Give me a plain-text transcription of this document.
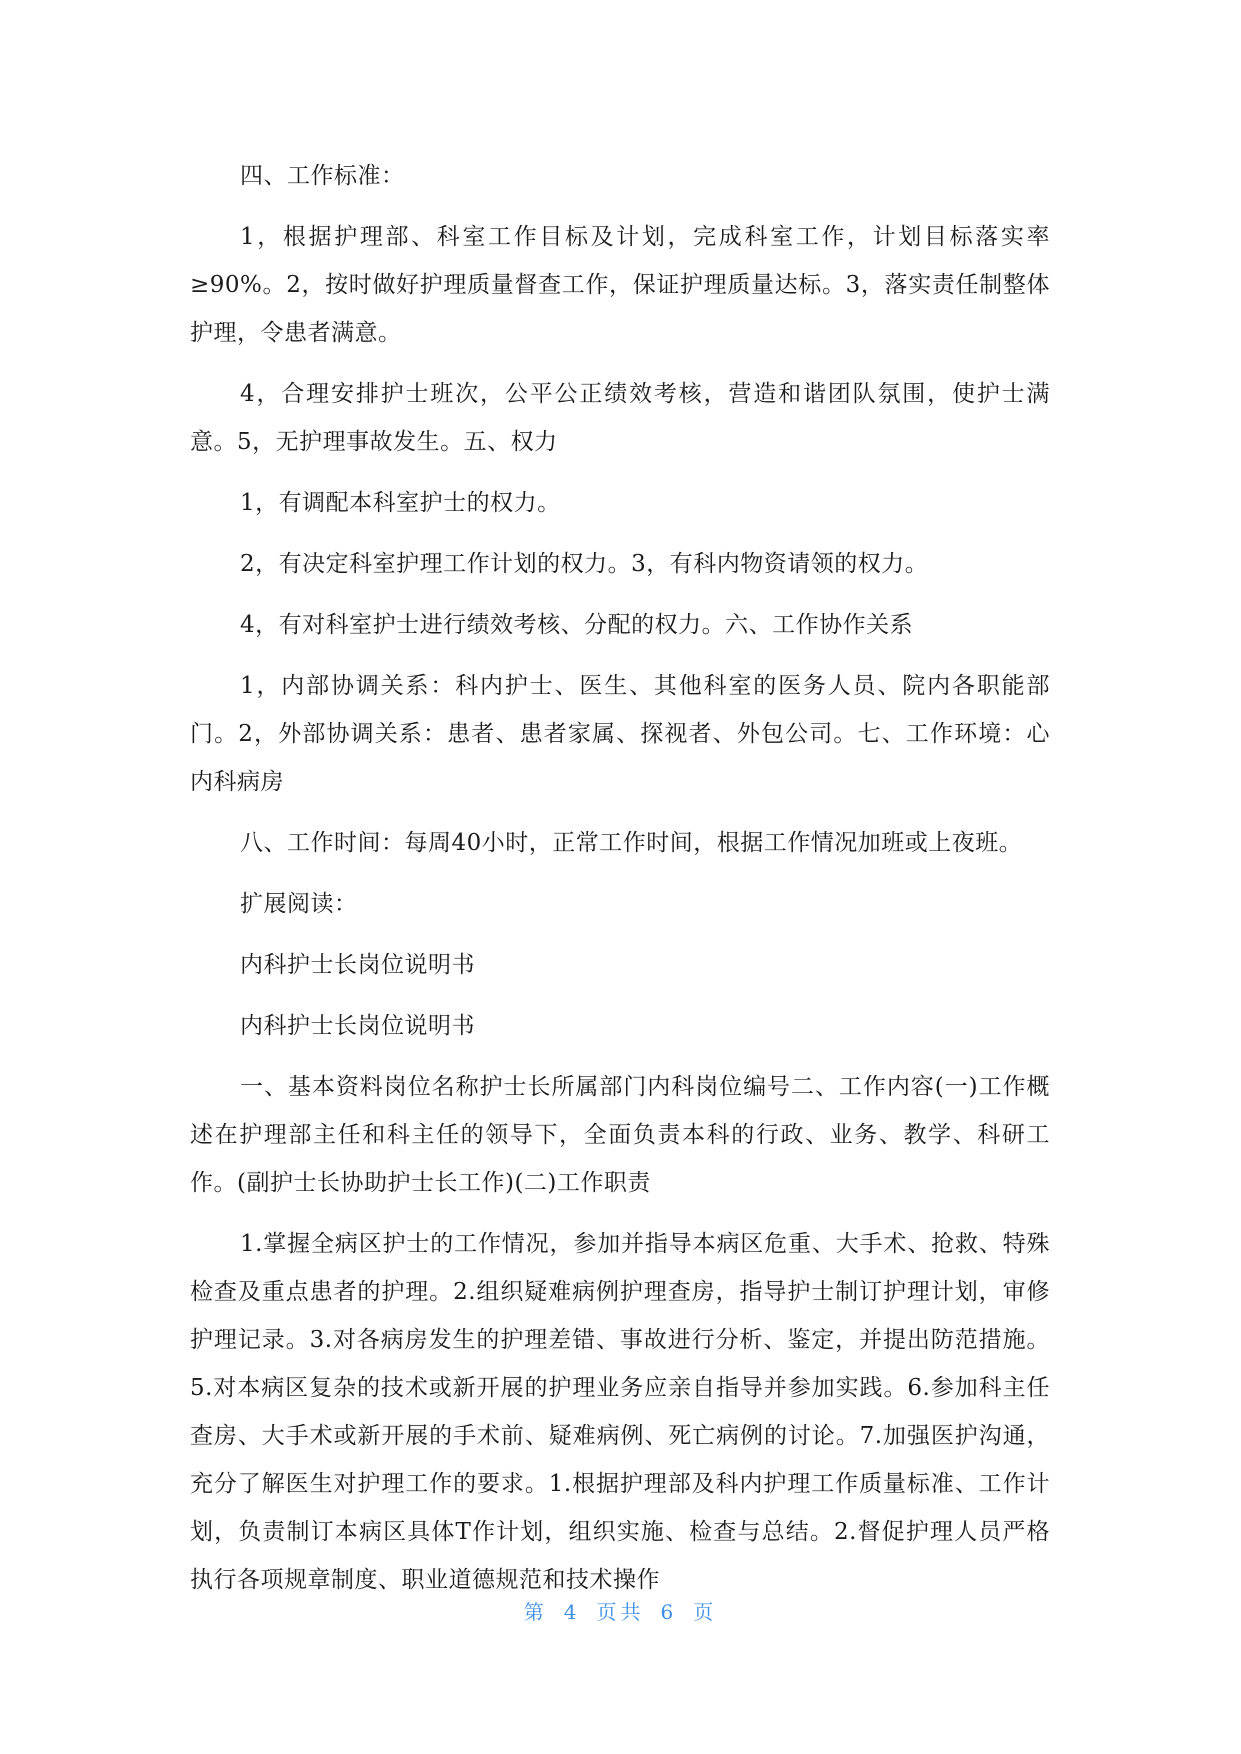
四、工作标准：

1，根据护理部、科室工作目标及计划，完成科室工作，计划目标落实率≥90%。2，按时做好护理质量督查工作，保证护理质量达标。3，落实责任制整体护理，令患者满意。

4，合理安排护士班次，公平公正绩效考核，营造和谐团队氛围，使护士满意。5，无护理事故发生。五、权力

1，有调配本科室护士的权力。

2，有决定科室护理工作计划的权力。3，有科内物资请领的权力。

4，有对科室护士进行绩效考核、分配的权力。六、工作协作关系

1，内部协调关系：科内护士、医生、其他科室的医务人员、院内各职能部门。2，外部协调关系：患者、患者家属、探视者、外包公司。七、工作环境：心内科病房

八、工作时间：每周40小时，正常工作时间，根据工作情况加班或上夜班。

扩展阅读：

内科护士长岗位说明书

内科护士长岗位说明书

一、基本资料岗位名称护士长所属部门内科岗位编号二、工作内容(一)工作概述在护理部主任和科主任的领导下，全面负责本科的行政、业务、教学、科研工作。(副护士长协助护士长工作)(二)工作职责

1.掌握全病区护士的工作情况，参加并指导本病区危重、大手术、抢救、特殊检查及重点患者的护理。2.组织疑难病例护理查房，指导护士制订护理计划，审修护理记录。3.对各病房发生的护理差错、事故进行分析、鉴定，并提出防范措施。5.对本病区复杂的技术或新开展的护理业务应亲自指导并参加实践。6.参加科主任查房、大手术或新开展的手术前、疑难病例、死亡病例的讨论。7.加强医护沟通，充分了解医生对护理工作的要求。1.根据护理部及科内护理工作质量标准、工作计划，负责制订本病区具体T作计划，组织实施、检查与总结。2.督促护理人员严格执行各项规章制度、职业道德规范和技术操作

第 4 页共 6 页
